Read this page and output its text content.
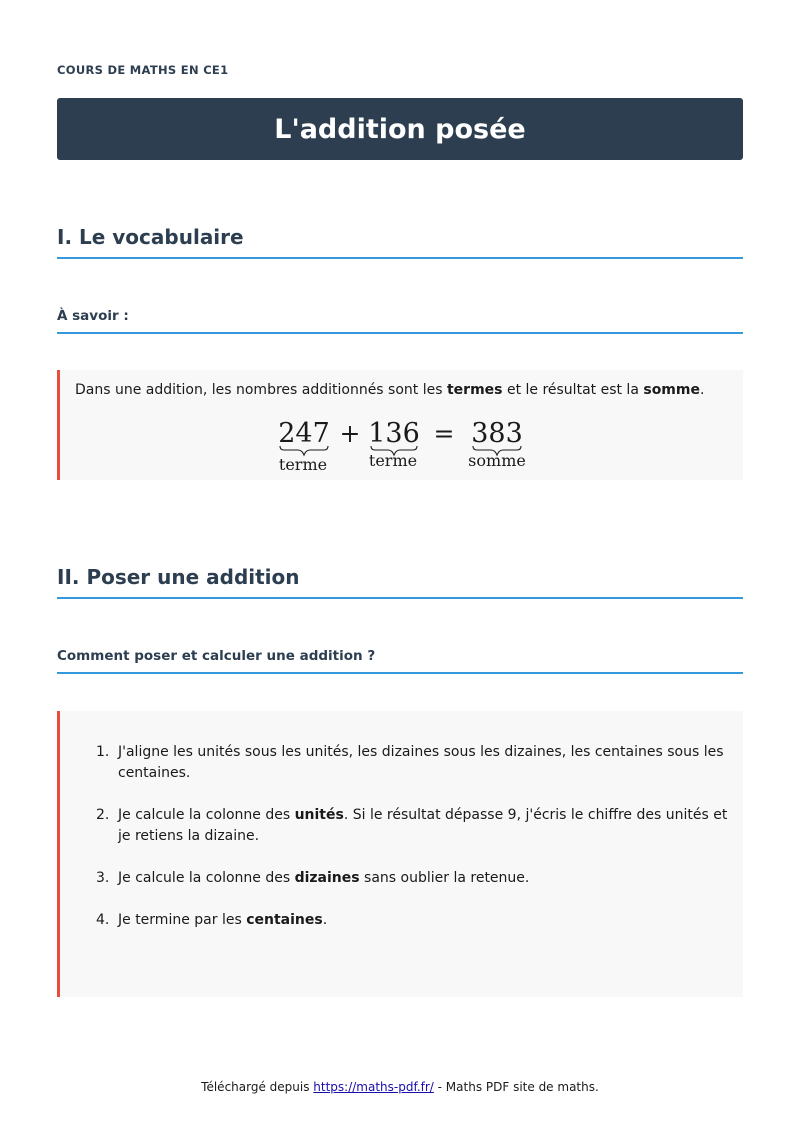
COURS DE MATHS EN CE1
L'addition posée
I. Le vocabulaire
À savoir :

Dans une addition, les nombres additionnés sont les termes et le résultat est la somme.

247 + 136 = 383
terme	terme	somme
II. Poser une addition
Comment poser et calculer une addition ?
1. J'aligne les unités sous les unités, les dizaines sous les dizaines, les centaines sous les centaines.
2. Je calcule la colonne des unités. Si le résultat dépasse 9, j'écris le chiffre des unités et je retiens la dizaine.
3. Je calcule la colonne des dizaines sans oublier la retenue.
4. Je termine par les centaines.
Téléchargé depuis https://maths-pdf.fr/ - Maths PDF site de maths.
